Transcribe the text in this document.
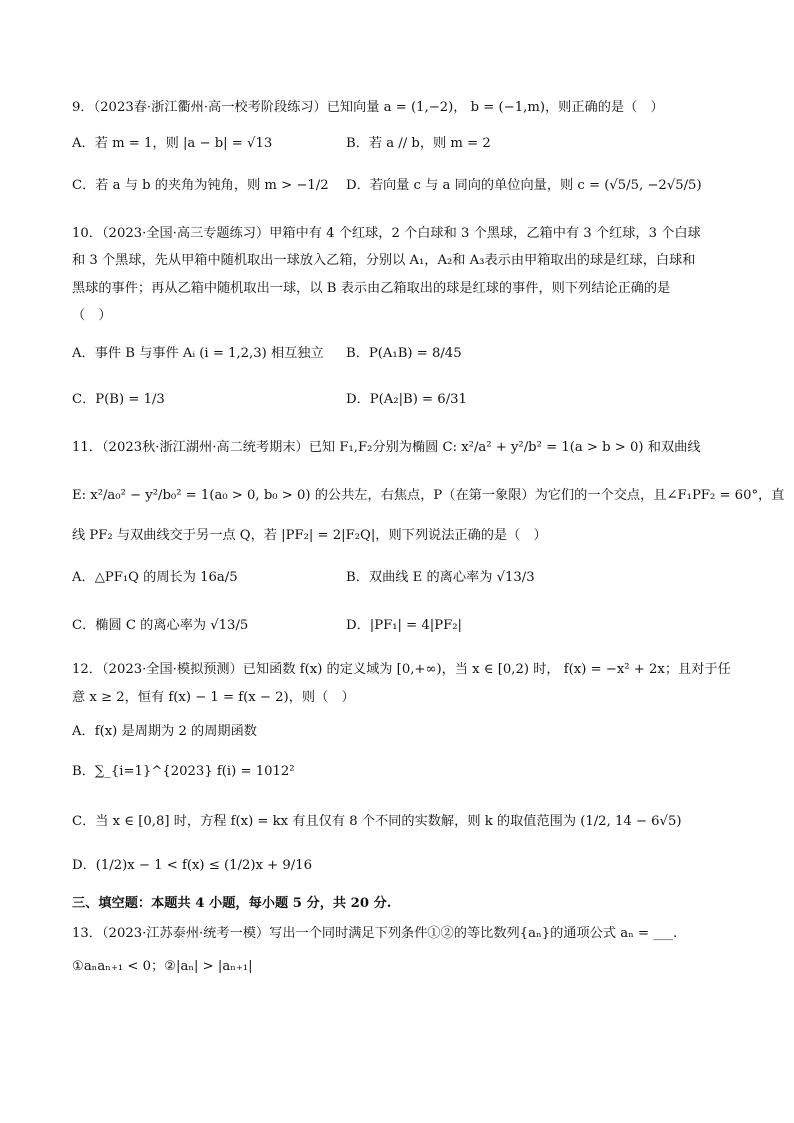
9．（2023春·浙江衢州·高一校考阶段练习）已知向量 a = (1,−2)， b = (−1,m)，则正确的是（　）
A．若 m = 1，则 |a − b| = √13	B．若 a // b，则 m = 2
C．若 a 与 b 的夹角为钝角，则 m > −1/2 D．若向量 c 与 a 同向的单位向量，则 c = (√5/5, −2√5/5)
10．（2023·全国·高三专题练习）甲箱中有 4 个红球，2 个白球和 3 个黑球，乙箱中有 3 个红球，3 个白球
和 3 个黑球，先从甲箱中随机取出一球放入乙箱，分别以 A₁，A₂和 A₃表示由甲箱取出的球是红球，白球和
黑球的事件；再从乙箱中随机取出一球，以 B 表示由乙箱取出的球是红球的事件，则下列结论正确的是
（　）
A．事件 B 与事件 Aᵢ (i = 1,2,3) 相互独立 B．P(A₁B) = 8/45
C．P(B) = 1/3	D．P(A₂|B) = 6/31
11．（2023秋·浙江湖州·高二统考期末）已知 F₁,F₂分别为椭圆 C: x²/a² + y²/b² = 1(a > b > 0) 和双曲线
E: x²/a₀² − y²/b₀² = 1(a₀ > 0, b₀ > 0) 的公共左，右焦点，P（在第一象限）为它们的一个交点，且∠F₁PF₂ = 60°，直
线 PF₂ 与双曲线交于另一点 Q，若 |PF₂| = 2|F₂Q|，则下列说法正确的是（　）
A．△PF₁Q 的周长为 16a/5	B．双曲线 E 的离心率为 √13/3
C．椭圆 C 的离心率为 √13/5	D．|PF₁| = 4|PF₂|
12．（2023·全国·模拟预测）已知函数 f(x) 的定义域为 [0,+∞)，当 x ∈ [0,2) 时， f(x) = −x² + 2x；且对于任
意 x ≥ 2，恒有 f(x) − 1 = f(x − 2)，则（　）
A．f(x) 是周期为 2 的周期函数
B．∑_{i=1}^{2023} f(i) = 1012²
C．当 x ∈ [0,8] 时，方程 f(x) = kx 有且仅有 8 个不同的实数解，则 k 的取值范围为 (1/2, 14 − 6√5)
D．(1/2)x − 1 < f(x) ≤ (1/2)x + 9/16
三、填空题：本题共 4 小题，每小题 5 分，共 20 分.
13．（2023·江苏泰州·统考一模）写出一个同时满足下列条件①②的等比数列{aₙ}的通项公式 aₙ = ___.
①aₙaₙ₊₁ < 0；②|aₙ| > |aₙ₊₁|
